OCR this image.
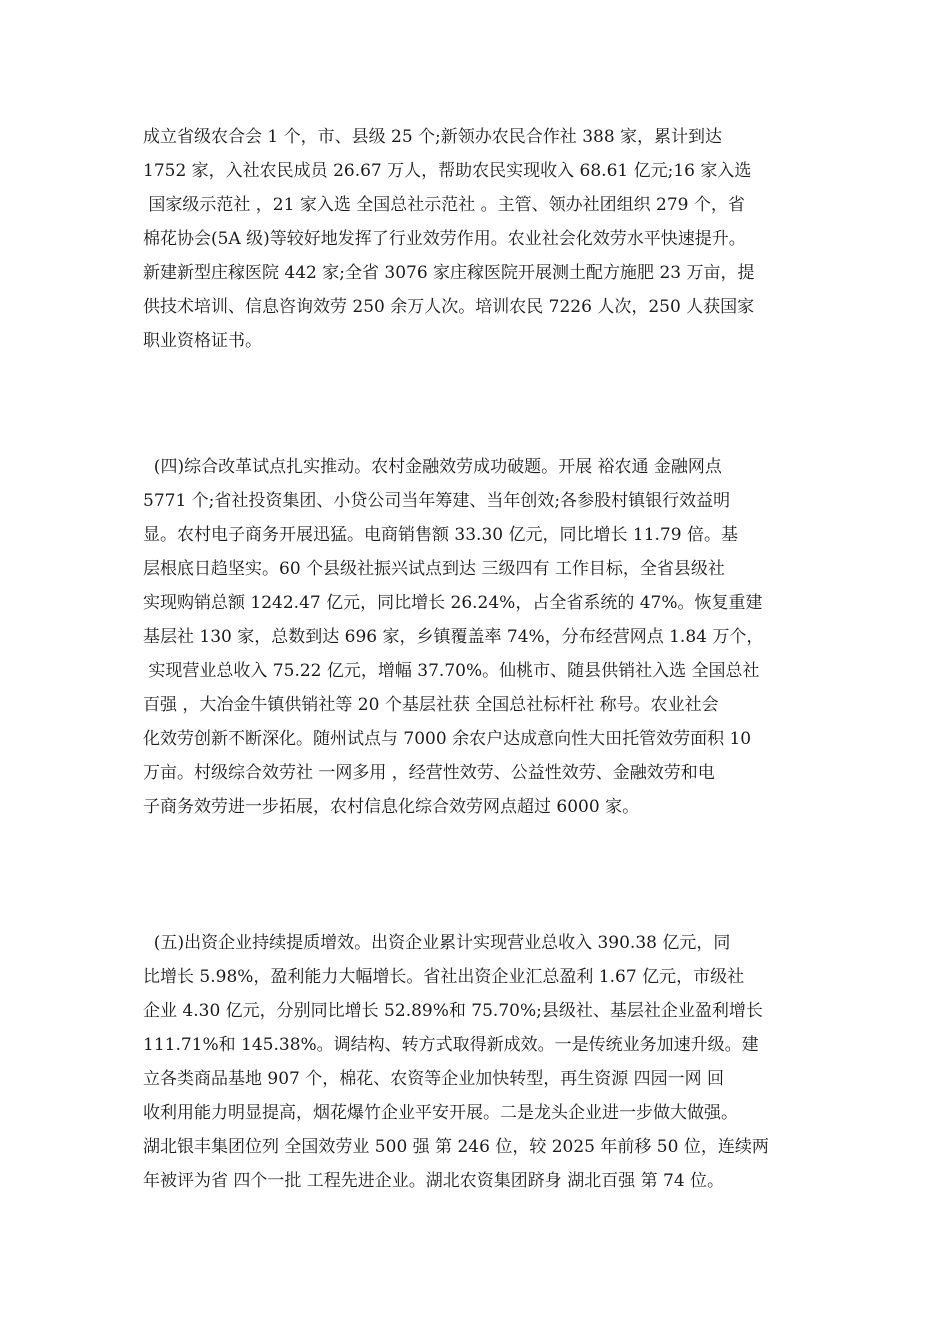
成立省级农合会 1 个，市、县级 25 个;新领办农民合作社 388 家，累计到达
1752 家，入社农民成员 26.67 万人，帮助农民实现收入 68.61 亿元;16 家入选
国家级示范社 ，21 家入选 全国总社示范社 。主管、领办社团组织 279 个，省
棉花协会(5A 级)等较好地发挥了行业效劳作用。农业社会化效劳水平快速提升。
新建新型庄稼医院 442 家;全省 3076 家庄稼医院开展测土配方施肥 23 万亩，提
供技术培训、信息咨询效劳 250 余万人次。培训农民 7226 人次，250 人获国家
职业资格证书。
(四)综合改革试点扎实推动。农村金融效劳成功破题。开展 裕农通 金融网点
5771 个;省社投资集团、小贷公司当年筹建、当年创效;各参股村镇银行效益明
显。农村电子商务开展迅猛。电商销售额 33.30 亿元，同比增长 11.79 倍。基
层根底日趋坚实。60 个县级社振兴试点到达 三级四有 工作目标，全省县级社
实现购销总额 1242.47 亿元，同比增长 26.24%，占全省系统的 47%。恢复重建
基层社 130 家，总数到达 696 家，乡镇覆盖率 74%，分布经营网点 1.84 万个，
实现营业总收入 75.22 亿元，增幅 37.70%。仙桃市、随县供销社入选 全国总社
百强 ，大冶金牛镇供销社等 20 个基层社获 全国总社标杆社 称号。农业社会
化效劳创新不断深化。随州试点与 7000 余农户达成意向性大田托管效劳面积 10
万亩。村级综合效劳社 一网多用 ，经营性效劳、公益性效劳、金融效劳和电
子商务效劳进一步拓展，农村信息化综合效劳网点超过 6000 家。
(五)出资企业持续提质增效。出资企业累计实现营业总收入 390.38 亿元，同
比增长 5.98%，盈利能力大幅增长。省社出资企业汇总盈利 1.67 亿元，市级社
企业 4.30 亿元，分别同比增长 52.89%和 75.70%;县级社、基层社企业盈利增长
111.71%和 145.38%。调结构、转方式取得新成效。一是传统业务加速升级。建
立各类商品基地 907 个，棉花、农资等企业加快转型，再生资源 四园一网 回
收利用能力明显提高，烟花爆竹企业平安开展。二是龙头企业进一步做大做强。
湖北银丰集团位列 全国效劳业 500 强 第 246 位，较 2025 年前移 50 位，连续两
年被评为省 四个一批 工程先进企业。湖北农资集团跻身 湖北百强 第 74 位。
